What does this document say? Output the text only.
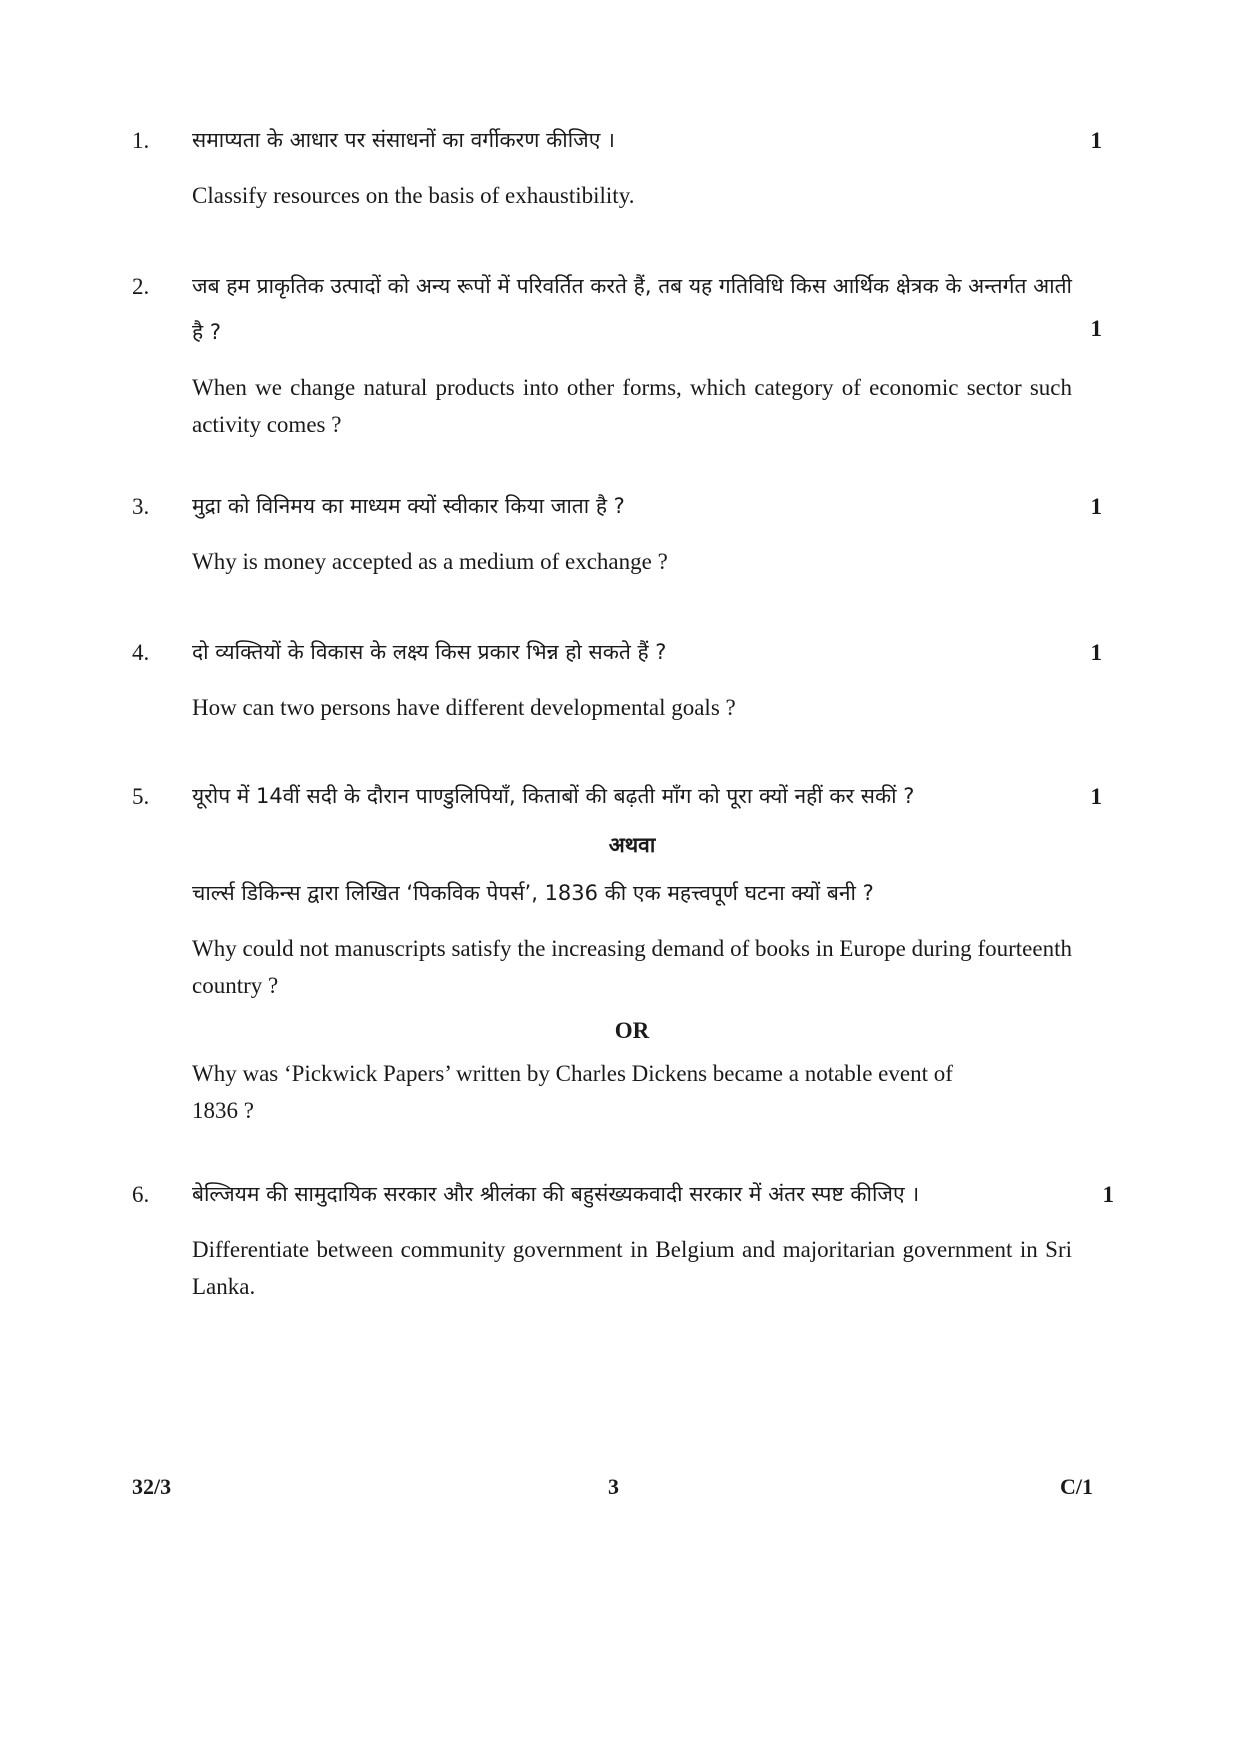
1.	1
समाप्यता के आधार पर संसाधनों का वर्गीकरण कीजिए ।
Classify resources on the basis of exhaustibility.
2.
1
जब हम प्राकृतिक उत्पादों को अन्य रूपों में परिवर्तित करते हैं, तब यह गतिविधि किस आर्थिक क्षेत्रक के अन्तर्गत आती है ?
When we change natural products into other forms, which category of economic sector such activity comes ?
3.	1
मुद्रा को विनिमय का माध्यम क्यों स्वीकार किया जाता है ?
Why is money accepted as a medium of exchange ?
4.	1
दो व्यक्तियों के विकास के लक्ष्य किस प्रकार भिन्न हो सकते हैं ?
How can two persons have different developmental goals ?
5.	1
यूरोप में 14वीं सदी के दौरान पाण्डुलिपियाँ, किताबों की बढ़ती माँग को पूरा क्यों नहीं कर सकीं ?
अथवा
चार्ल्स डिकिन्स द्वारा लिखित ‘पिकविक पेपर्स’, 1836 की एक महत्त्वपूर्ण घटना क्यों बनी ?
Why could not manuscripts satisfy the increasing demand of books in Europe during fourteenth country ?
OR
Why was ‘Pickwick Papers’ written by Charles Dickens became a notable event of 1836 ?
6.	1
बेल्जियम की सामुदायिक सरकार और श्रीलंका की बहुसंख्यकवादी सरकार में अंतर स्पष्ट कीजिए ।
Differentiate between community government in Belgium and majoritarian government in Sri Lanka.
32/3	3	C/1
